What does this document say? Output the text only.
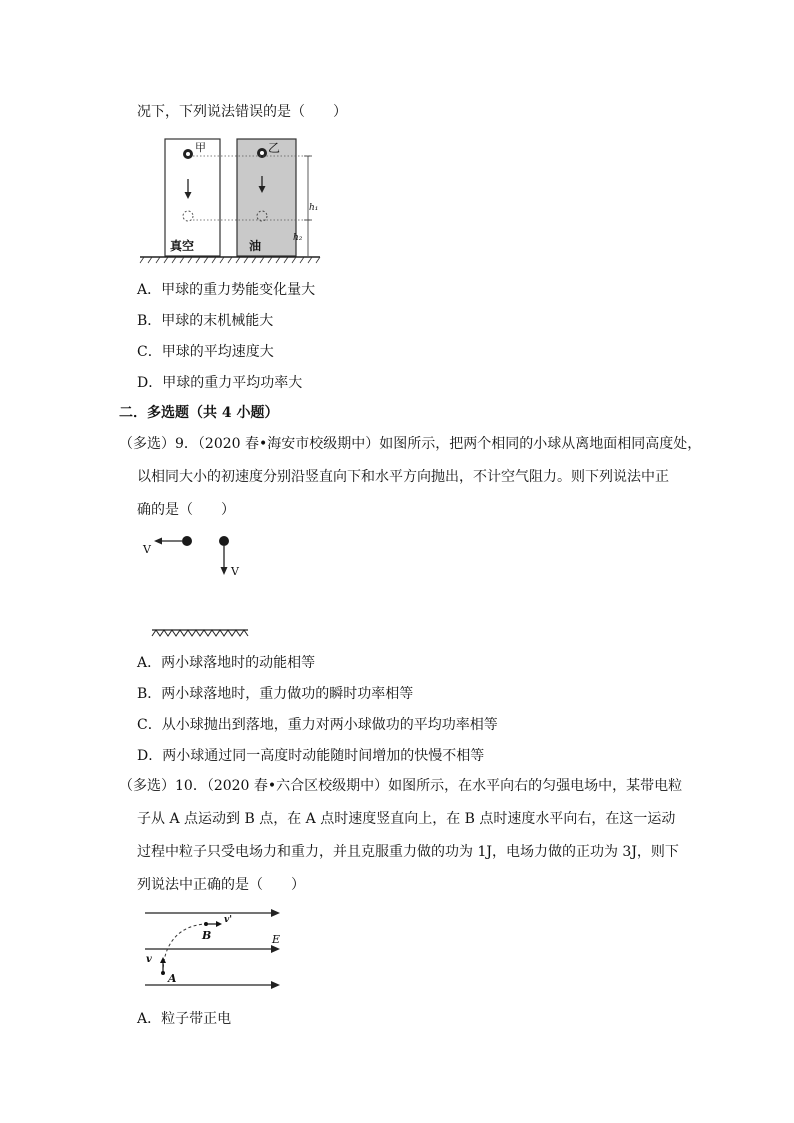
况下，下列说法错误的是（　　）
甲	乙
真空	油
h₁
h₂
A．甲球的重力势能变化量大
B．甲球的末机械能大
C．甲球的平均速度大
D．甲球的重力平均功率大
二．多选题（共 4 小题）
（多选）9．（2020 春•海安市校级期中）如图所示，把两个相同的小球从离地面相同高度处，
以相同大小的初速度分别沿竖直向下和水平方向抛出，不计空气阻力。则下列说法中正
确的是（　　）
V
V
A．两小球落地时的动能相等
B．两小球落地时，重力做功的瞬时功率相等
C．从小球抛出到落地，重力对两小球做功的平均功率相等
D．两小球通过同一高度时动能随时间增加的快慢不相等
（多选）10．（2020 春•六合区校级期中）如图所示，在水平向右的匀强电场中，某带电粒
子从 A 点运动到 B 点，在 A 点时速度竖直向上，在 B 点时速度水平向右，在这一运动
过程中粒子只受电场力和重力，并且克服重力做的功为 1J，电场力做的正功为 3J，则下
列说法中正确的是（　　）
A
B	E
v
v'
A．粒子带正电
